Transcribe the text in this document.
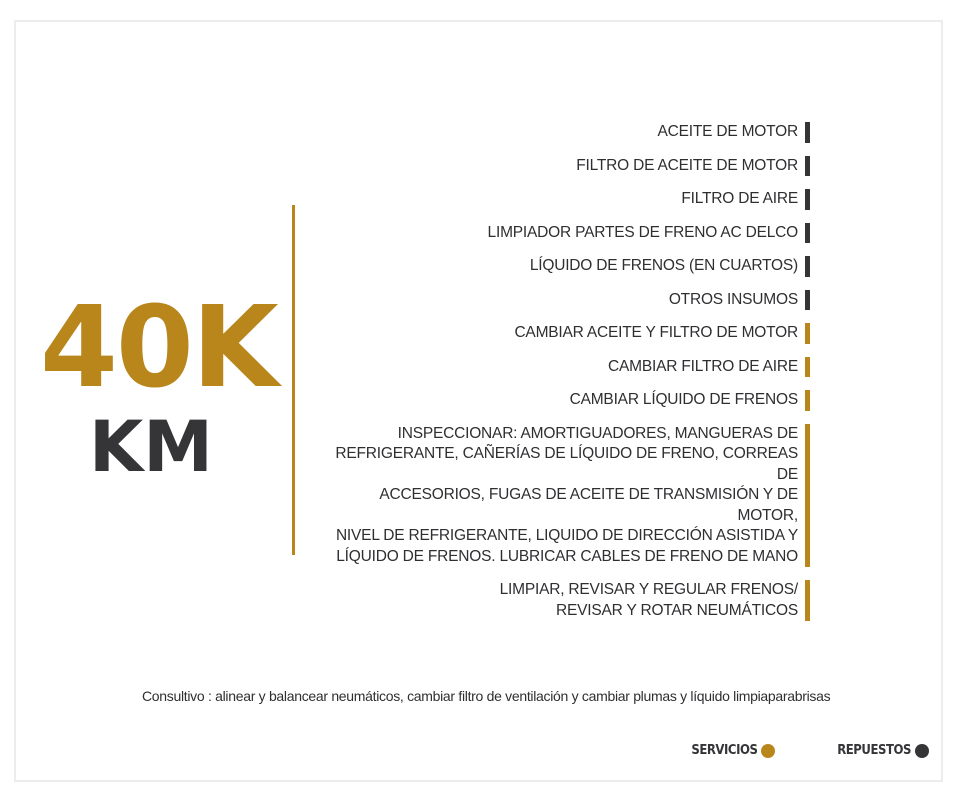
40K
KM
ACEITE DE MOTOR
FILTRO DE ACEITE DE MOTOR
FILTRO DE AIRE
LIMPIADOR PARTES DE FRENO AC DELCO
LÍQUIDO DE FRENOS (EN CUARTOS)
OTROS INSUMOS
CAMBIAR ACEITE Y FILTRO DE MOTOR
CAMBIAR FILTRO DE AIRE
CAMBIAR LÍQUIDO DE FRENOS
INSPECCIONAR: AMORTIGUADORES, MANGUERAS DE
REFRIGERANTE, CAÑERÍAS DE LÍQUIDO DE FRENO, CORREAS DE
ACCESORIOS, FUGAS DE ACEITE DE TRANSMISIÓN Y DE MOTOR,
NIVEL DE REFRIGERANTE, LIQUIDO DE DIRECCIÓN ASISTIDA Y
LÍQUIDO DE FRENOS. LUBRICAR CABLES DE FRENO DE MANO
LIMPIAR, REVISAR Y REGULAR FRENOS/
REVISAR Y ROTAR NEUMÁTICOS
Consultivo : alinear y balancear neumáticos, cambiar filtro de ventilación y cambiar plumas y líquido limpiaparabrisas
SERVICIOS	REPUESTOS
